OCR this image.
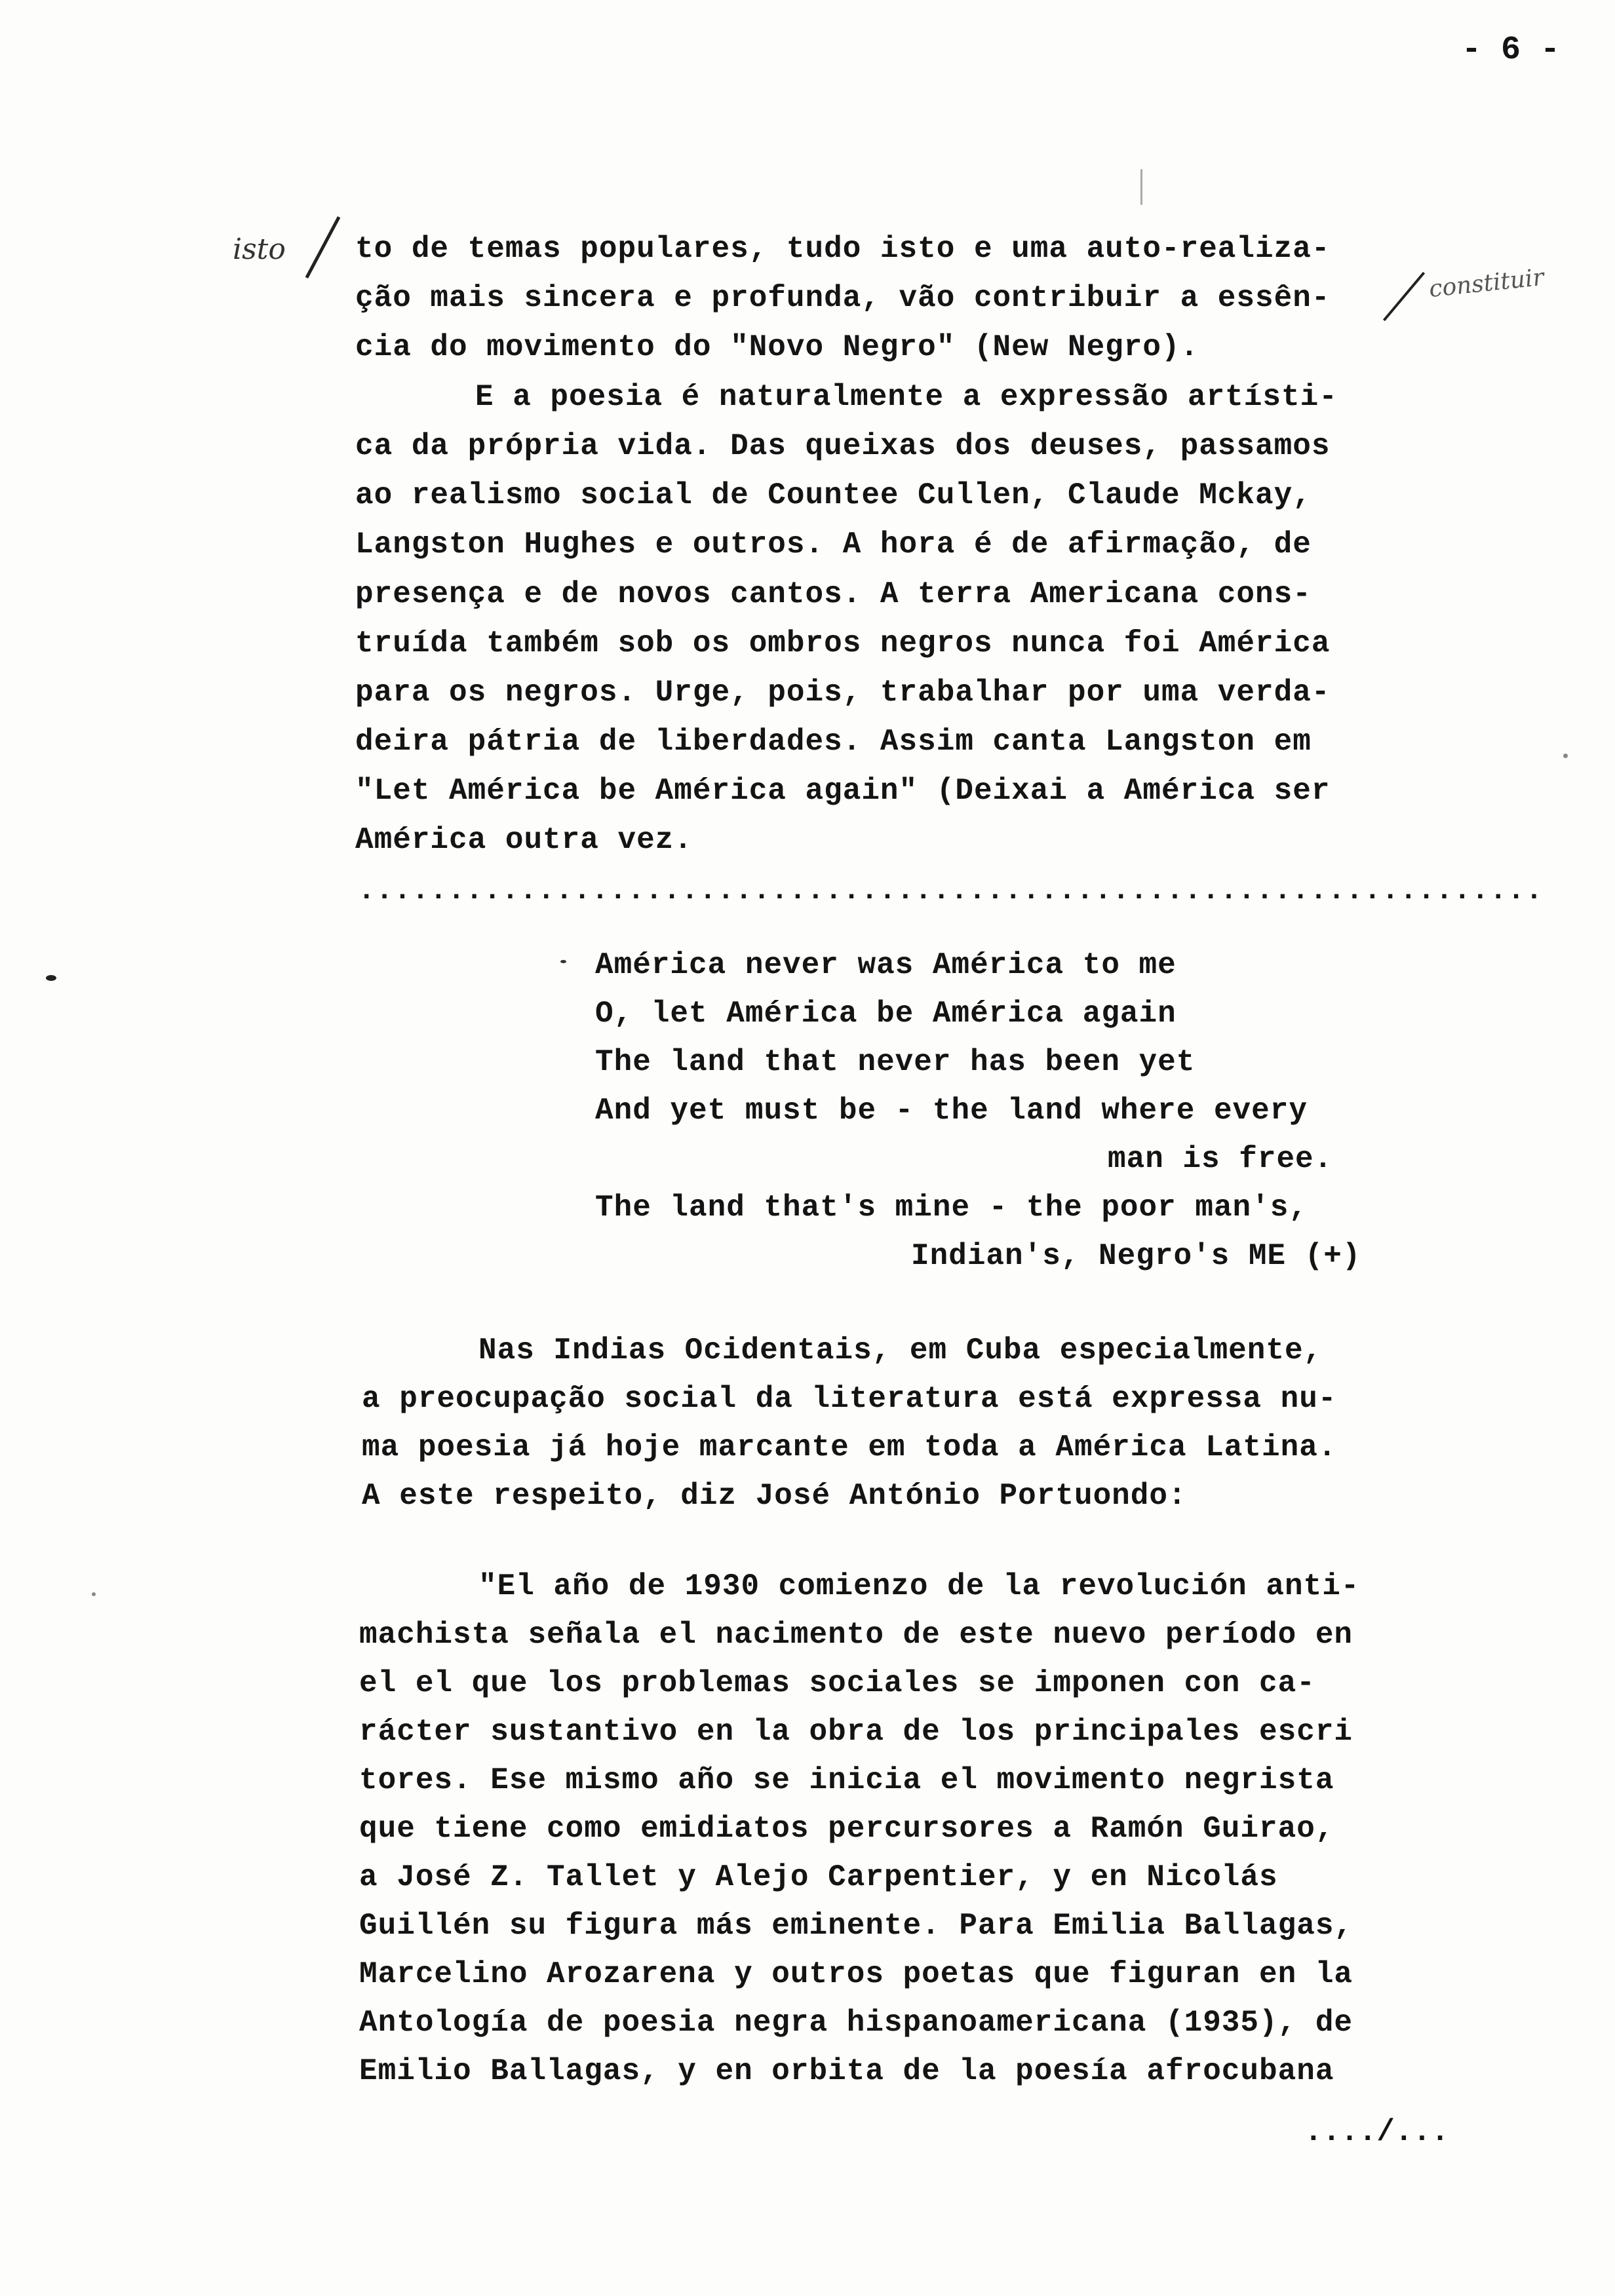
- 6 -
isto
constituir
to de temas populares, tudo isto e uma auto-realiza-
ção mais sincera e profunda, vão contribuir a essên-
cia do movimento do "Novo Negro" (New Negro).
E a poesia é naturalmente a expressão artísti-
ca da própria vida. Das queixas dos deuses, passamos
ao realismo social de Countee Cullen, Claude Mckay,
Langston Hughes e outros. A hora é de afirmação, de
presença e de novos cantos. A terra Americana cons-
truída também sob os ombros negros nunca foi América
para os negros. Urge, pois, trabalhar por uma verda-
deira pátria de liberdades. Assim canta Langston em
"Let América be América again" (Deixai a América ser
América outra vez.
..................................................................
América never was América to me
O, let América be América again
The land that never has been yet
And yet must be - the land where every
man is free.
The land that's mine - the poor man's,
Indian's, Negro's ME (+)
Nas Indias Ocidentais, em Cuba especialmente,
a preocupação social da literatura está expressa nu-
ma poesia já hoje marcante em toda a América Latina.
A este respeito, diz José António Portuondo:
"El año de 1930 comienzo de la revolución anti-
machista señala el nacimento de este nuevo período en
el el que los problemas sociales se imponen con ca-
rácter sustantivo en la obra de los principales escri
tores. Ese mismo año se inicia el movimento negrista
que tiene como emidiatos percursores a Ramón Guirao,
a José Z. Tallet y Alejo Carpentier, y en Nicolás
Guillén su figura más eminente. Para Emilia Ballagas,
Marcelino Arozarena y outros poetas que figuran en la
Antología de poesia negra hispanoamericana (1935), de
Emilio Ballagas, y en orbita de la poesía afrocubana
..../...
